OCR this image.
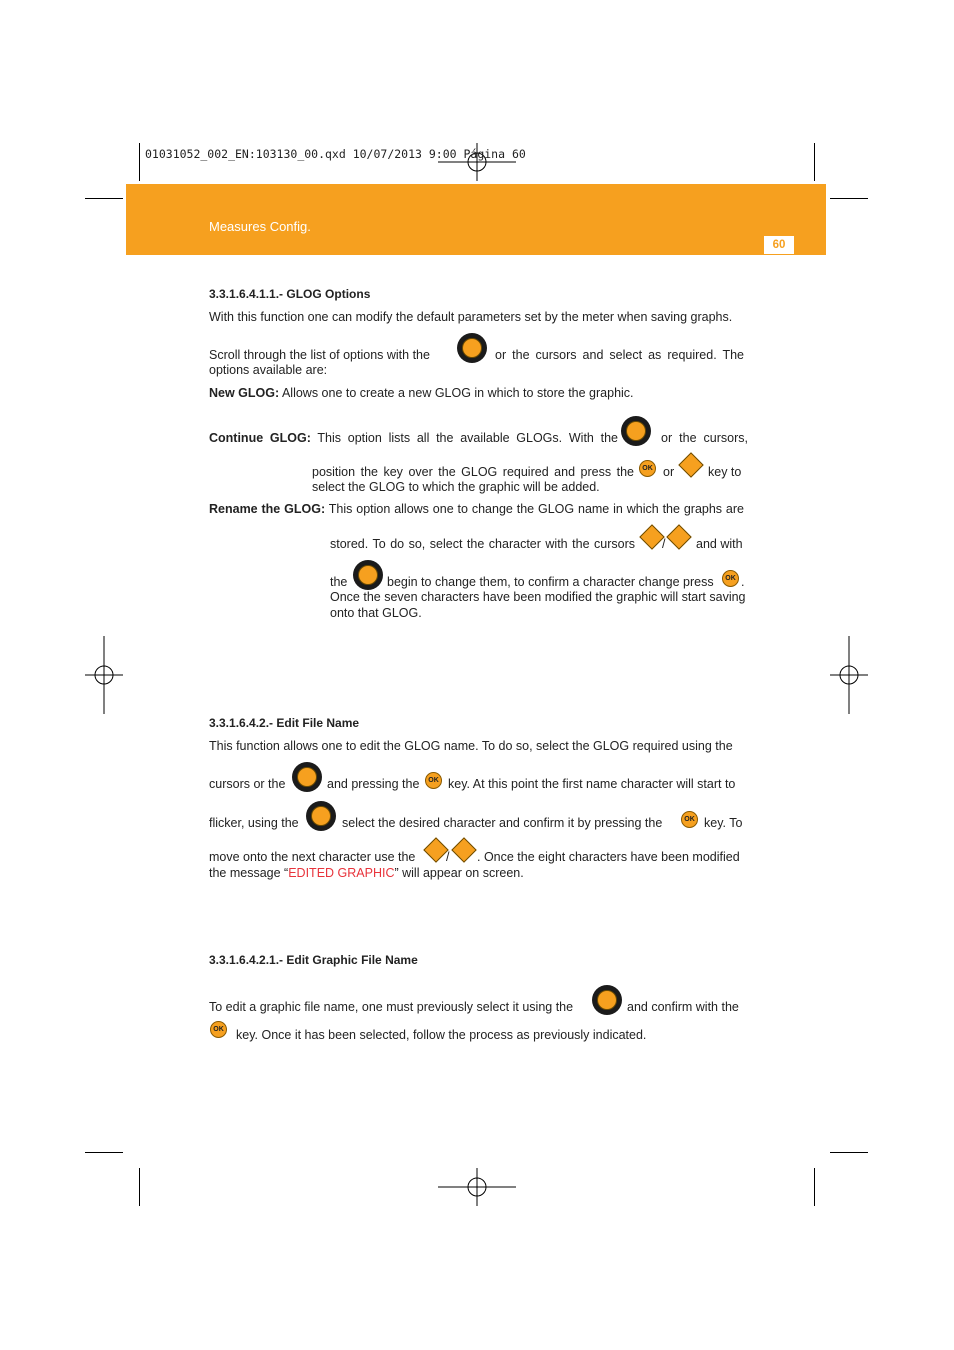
01031052_002_EN:103130_00.qxd 10/07/2013 9:00 Página 60
Measures Config.
60
3.3.1.6.4.1.1.- GLOG Options
With this function one can modify the default parameters set by the meter when saving graphs.
Scroll through the list of options with the	or the cursors and select as required. The
options available are:
New GLOG: Allows one to create a new GLOG in which to store the graphic.
Continue GLOG: This option lists all the available GLOGs. With the	or the cursors,
position the key over the GLOG required and press the OK or	key to
select the GLOG to which the graphic will be added.
Rename the GLOG: This option allows one to change the GLOG name in which the graphs are
stored. To do so, select the character with the cursors / and with
the	begin to change them, to confirm a character change press OK .
Once the seven characters have been modified the graphic will start saving
onto that GLOG.
3.3.1.6.4.2.- Edit File Name
This function allows one to edit the GLOG name. To do so, select the GLOG required using the
cursors or the	and pressing the OK key. At this point the first name character will start to
flicker, using the	select the desired character and confirm it by pressing the	OK key. To
move onto the next character use the / . Once the eight characters have been modified
the message “EDITED GRAPHIC” will appear on screen.
3.3.1.6.4.2.1.- Edit Graphic File Name
To edit a graphic file name, one must previously select it using the	and confirm with the
OK key. Once it has been selected, follow the process as previously indicated.
